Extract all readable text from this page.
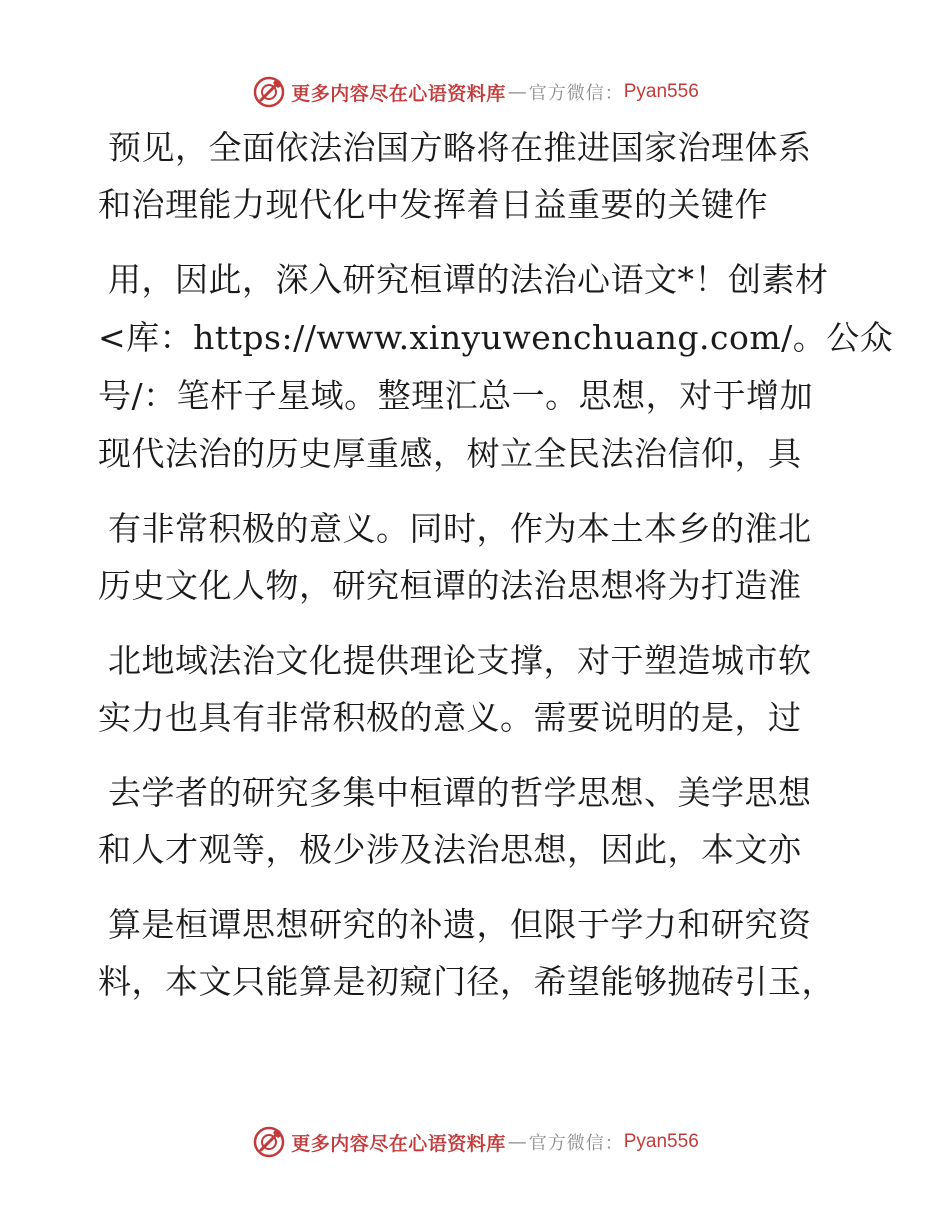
更多内容尽在心语资料库 — 官方微信： Pyan556
预见，全面依法治国方略将在推进国家治理体系
和治理能力现代化中发挥着日益重要的关键作
用，因此，深入研究桓谭的法治心语文*！创素材
<库：https://www.xinyuwenchuang.com/。公众
号/：笔杆子星域。整理汇总一。思想，对于增加
现代法治的历史厚重感，树立全民法治信仰，具
有非常积极的意义。同时，作为本土本乡的淮北
历史文化人物，研究桓谭的法治思想将为打造淮
北地域法治文化提供理论支撑，对于塑造城市软
实力也具有非常积极的意义。需要说明的是，过
去学者的研究多集中桓谭的哲学思想、美学思想
和人才观等，极少涉及法治思想，因此，本文亦
算是桓谭思想研究的补遗，但限于学力和研究资
料，本文只能算是初窥门径，希望能够抛砖引玉，
更多内容尽在心语资料库 — 官方微信： Pyan556
